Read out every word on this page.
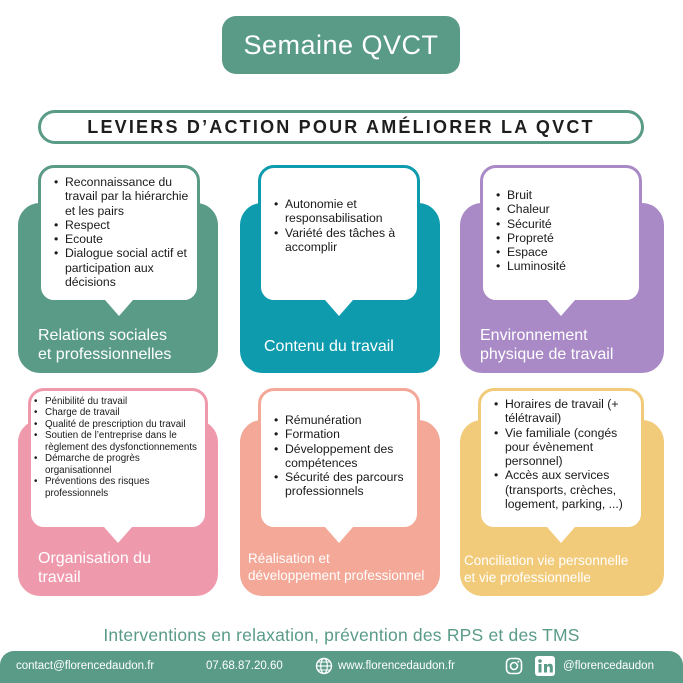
Semaine QVCT
LEVIERS D’ACTION POUR AMÉLIORER LA QVCT
Relations sociales
et professionnelles
• Reconnaissance du travail par la hiérarchie et les pairs
• Respect
• Ecoute
• Dialogue social actif et participation aux décisions
Contenu du travail
• Autonomie et responsabilisation
• Variété des tâches à accomplir
Environnement
physique de travail
• Bruit
• Chaleur
• Sécurité
• Propreté
• Espace
• Luminosité
Organisation du
travail
• Pénibilité du travail
• Charge de travail
• Qualité de prescription du travail
• Soutien de l’entreprise dans le règlement des dysfonctionnements
• Démarche de progrès organisationnel
• Préventions des risques professionnels
Réalisation et
développement professionnel
• Rémunération
• Formation
• Développement des compétences
• Sécurité des parcours professionnels
Conciliation vie personnelle
et vie professionnelle
• Horaires de travail (+ télétravail)
• Vie familiale (congés pour évènement personnel)
• Accès aux services (transports, crèches, logement, parking, ...)
Interventions en relaxation, prévention des RPS et des TMS
contact@florencedaudon.fr	07.68.87.20.60	www.florencedaudon.fr	@florencedaudon
